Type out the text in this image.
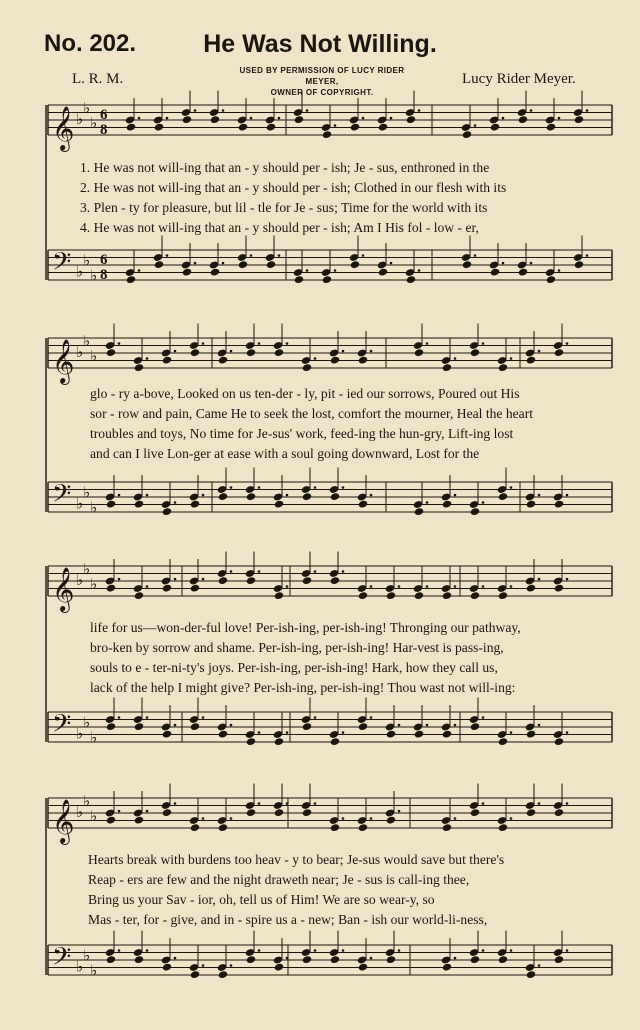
No. 202.	He Was Not Willing.
L. R. M.
USED BY PERMISSION OF LUCY RIDER MEYER,
OWNER OF COPYRIGHT.
Lucy Rider Meyer.
𝄞 ♭
♭
♭ 6
8
𝄢 ♭
♭
♭
6
8
1. He was not will-ing that an - y should per - ish; Je - sus, enthroned in the
2. He was not will-ing that an - y should per - ish; Clothed in our flesh with its
3. Plen - ty for pleasure, but lil - tle for Je - sus; Time for the world with its
4. He was not will-ing that an - y should per - ish; Am I His fol - low - er,
𝄞 ♭
♭
♭
𝄢 ♭
♭
♭
glo - ry a-bove, Looked on us ten-der - ly, pit - ied our sorrows, Poured out His
sor - row and pain, Came He to seek the lost, comfort the mourner, Heal the heart
troubles and toys, No time for Je-sus' work, feed-ing the hun-gry, Lift-ing lost
and can I live Lon-ger at ease with a soul going downward, Lost for the
𝄞 ♭
♭
♭
𝄢 ♭
♭
♭
life for us—won-der-ful love! Per-ish-ing, per-ish-ing! Thronging our pathway,
bro-ken by sorrow and shame. Per-ish-ing, per-ish-ing! Har-vest is pass-ing,
souls to e - ter-ni-ty's joys. Per-ish-ing, per-ish-ing! Hark, how they call us,
lack of the help I might give? Per-ish-ing, per-ish-ing! Thou wast not will-ing:
𝄞 ♭
♭
♭
𝄢 ♭
♭
♭
Hearts break with burdens too heav - y to bear; Je-sus would save but there's
Reap - ers are few and the night draweth near; Je - sus is call-ing thee,
Bring us your Sav - ior, oh, tell us of Him! We are so wear-y, so
Mas - ter, for - give, and in - spire us a - new; Ban - ish our world-li-ness,
